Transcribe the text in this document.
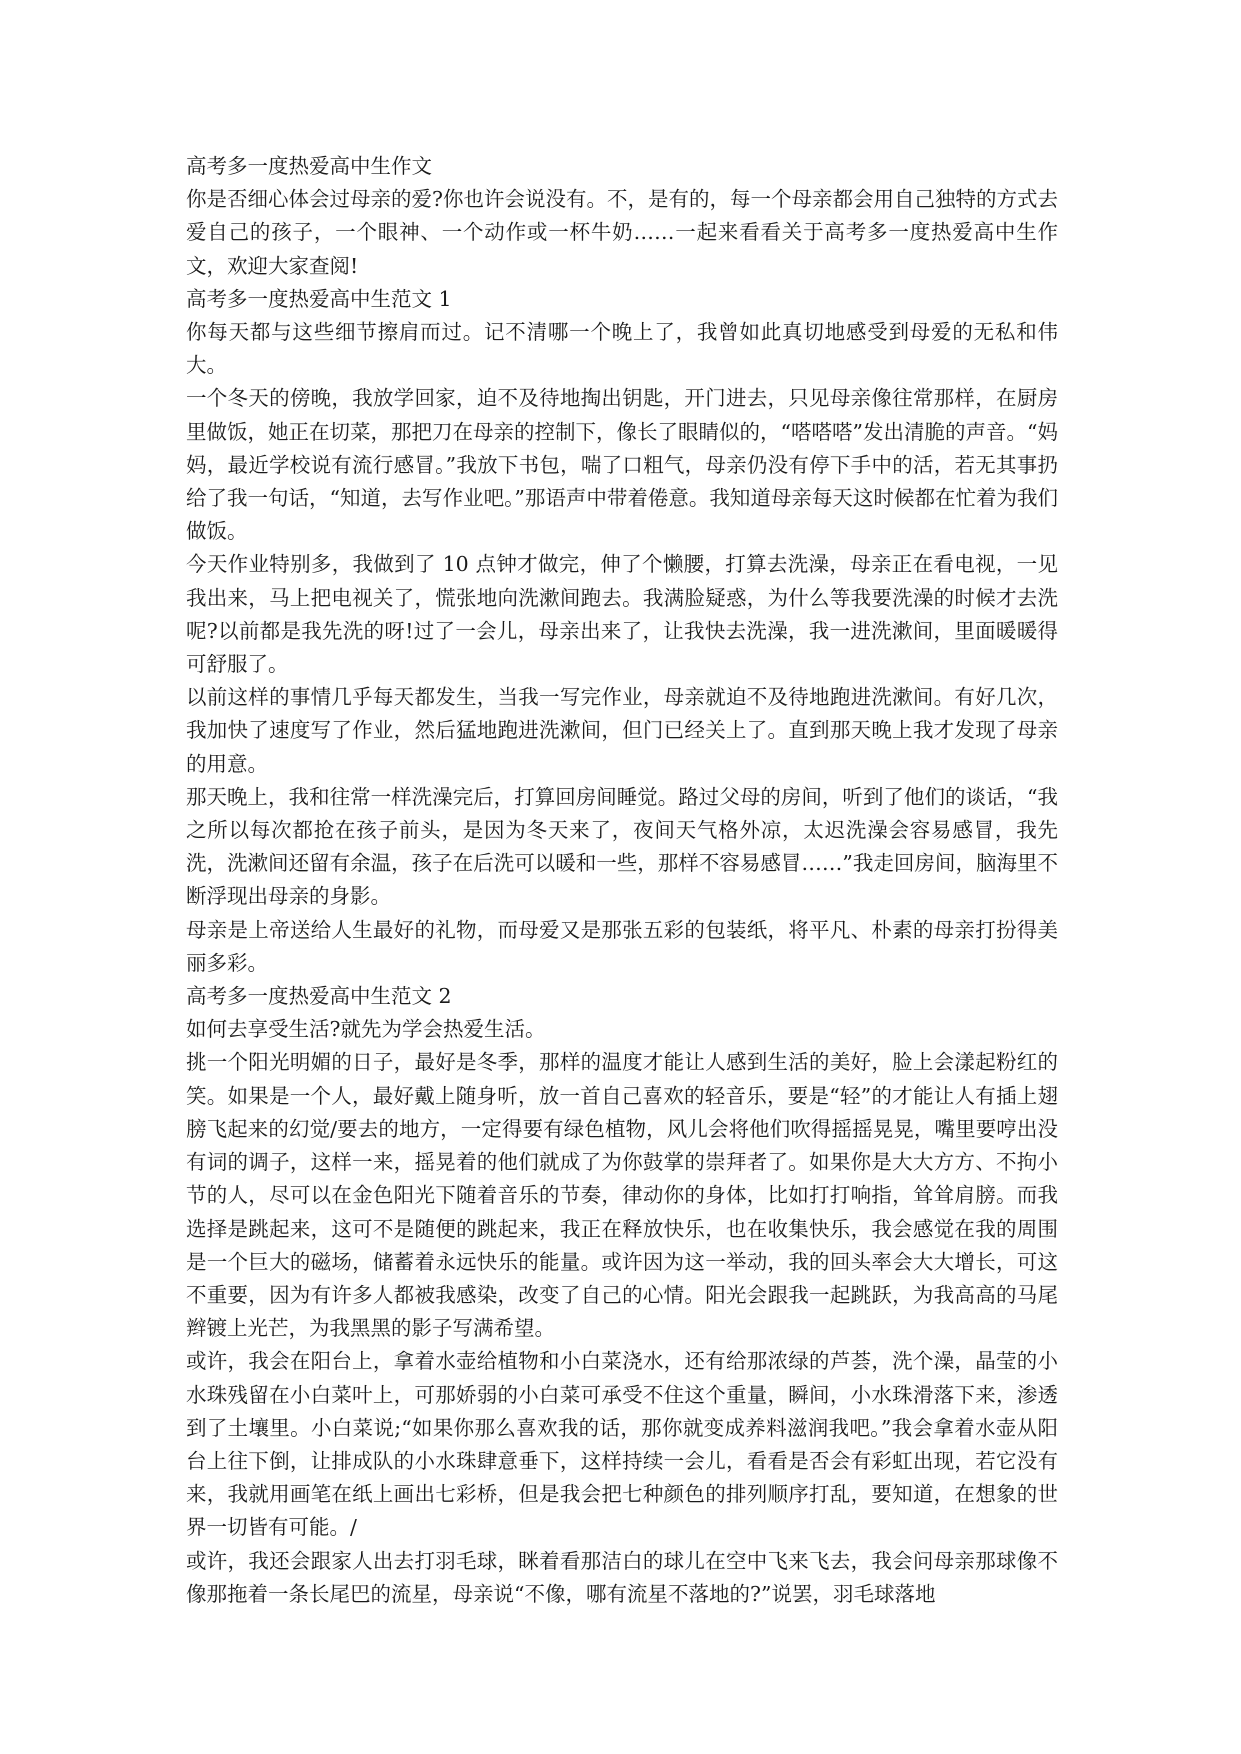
高考多一度热爱高中生作文

你是否细心体会过母亲的爱?你也许会说没有。不，是有的，每一个母亲都会用自己独特的方式去爱自己的孩子，一个眼神、一个动作或一杯牛奶……一起来看看关于高考多一度热爱高中生作文，欢迎大家查阅!

高考多一度热爱高中生范文 1

你每天都与这些细节擦肩而过。记不清哪一个晚上了，我曾如此真切地感受到母爱的无私和伟大。

一个冬天的傍晚，我放学回家，迫不及待地掏出钥匙，开门进去，只见母亲像往常那样，在厨房里做饭，她正在切菜，那把刀在母亲的控制下，像长了眼睛似的，“嗒嗒嗒”发出清脆的声音。“妈妈，最近学校说有流行感冒。”我放下书包，喘了口粗气，母亲仍没有停下手中的活，若无其事扔给了我一句话，“知道，去写作业吧。”那语声中带着倦意。我知道母亲每天这时候都在忙着为我们做饭。

今天作业特别多，我做到了 10 点钟才做完，伸了个懒腰，打算去洗澡，母亲正在看电视，一见我出来，马上把电视关了，慌张地向洗漱间跑去。我满脸疑惑，为什么等我要洗澡的时候才去洗呢?以前都是我先洗的呀!过了一会儿，母亲出来了，让我快去洗澡，我一进洗漱间，里面暖暖得可舒服了。

以前这样的事情几乎每天都发生，当我一写完作业，母亲就迫不及待地跑进洗漱间。有好几次，我加快了速度写了作业，然后猛地跑进洗漱间，但门已经关上了。直到那天晚上我才发现了母亲的用意。

那天晚上，我和往常一样洗澡完后，打算回房间睡觉。路过父母的房间，听到了他们的谈话，“我之所以每次都抢在孩子前头，是因为冬天来了，夜间天气格外凉，太迟洗澡会容易感冒，我先洗，洗漱间还留有余温，孩子在后洗可以暖和一些，那样不容易感冒……”我走回房间，脑海里不断浮现出母亲的身影。

母亲是上帝送给人生最好的礼物，而母爱又是那张五彩的包装纸，将平凡、朴素的母亲打扮得美丽多彩。

高考多一度热爱高中生范文 2

如何去享受生活?就先为学会热爱生活。

挑一个阳光明媚的日子，最好是冬季，那样的温度才能让人感到生活的美好，脸上会漾起粉红的笑。如果是一个人，最好戴上随身听，放一首自己喜欢的轻音乐，要是“轻”的才能让人有插上翅膀飞起来的幻觉/要去的地方，一定得要有绿色植物，风儿会将他们吹得摇摇晃晃，嘴里要哼出没有词的调子，这样一来，摇晃着的他们就成了为你鼓掌的崇拜者了。如果你是大大方方、不拘小节的人，尽可以在金色阳光下随着音乐的节奏，律动你的身体，比如打打响指，耸耸肩膀。而我选择是跳起来，这可不是随便的跳起来，我正在释放快乐，也在收集快乐，我会感觉在我的周围是一个巨大的磁场，储蓄着永远快乐的能量。或许因为这一举动，我的回头率会大大增长，可这不重要，因为有许多人都被我感染，改变了自己的心情。阳光会跟我一起跳跃，为我高高的马尾辫镀上光芒，为我黑黑的影子写满希望。

或许，我会在阳台上，拿着水壶给植物和小白菜浇水，还有给那浓绿的芦荟，洗个澡，晶莹的小水珠残留在小白菜叶上，可那娇弱的小白菜可承受不住这个重量，瞬间，小水珠滑落下来，渗透到了土壤里。小白菜说;“如果你那么喜欢我的话，那你就变成养料滋润我吧。”我会拿着水壶从阳台上往下倒，让排成队的小水珠肆意垂下，这样持续一会儿，看看是否会有彩虹出现，若它没有来，我就用画笔在纸上画出七彩桥，但是我会把七种颜色的排列顺序打乱，要知道，在想象的世界一切皆有可能。/

或许，我还会跟家人出去打羽毛球，眯着看那洁白的球儿在空中飞来飞去，我会问母亲那球像不像那拖着一条长尾巴的流星，母亲说“不像，哪有流星不落地的?”说罢，羽毛球落地
